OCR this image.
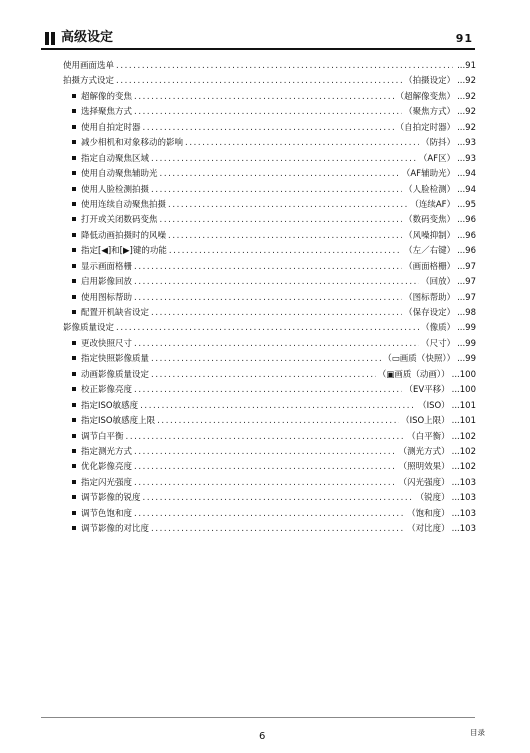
高级设定	91
使用画面选单 .....	...91
拍摄方式设定 .....	（拍摄设定） ...92
超解像的变焦 .....	（超解像变焦） ...92
选择聚焦方式 .....	（聚焦方式） ...92
使用自拍定时器 .....	（自拍定时器） ...92
减少相机和对象移动的影响 .....	（防抖） ...93
指定自动聚焦区域 .....	（AF区） ...93
使用自动聚焦辅助光 .....	（AF辅助光） ...94
使用人脸检测拍摄 .....	（人脸检测） ...94
使用连续自动聚焦拍摄 .....	（连续AF） ...95
打开或关闭数码变焦 .....	（数码变焦） ...96
降低动画拍摄时的风噪 .....	（风噪抑制） ...96
指定[◀]和[▶]键的功能 .....	（左／右键） ...96
显示画面格栅 .....	（画面格栅） ...97
启用影像回放 .....	（回放） ...97
使用图标帮助 .....	（图标帮助） ...97
配置开机缺省设定 .....	（保存设定） ...98
影像质量设定 .....	（像质） ...99
更改快照尺寸 .....	（尺寸） ...99
指定快照影像质量 .....	（▭画质（快照）） ...99
动画影像质量设定 .....	（▣画质（动画）） ...100
校正影像亮度 .....	（EV平移） ...100
指定ISO敏感度 .....	（ISO） ...101
指定ISO敏感度上限 .....	（ISO上限） ...101
调节白平衡 .....	（白平衡） ...102
指定测光方式 .....	（测光方式） ...102
优化影像亮度 .....	（照明效果） ...102
指定闪光强度 .....	（闪光强度） ...103
调节影像的锐度 .....	（锐度） ...103
调节色饱和度 .....	（饱和度） ...103
调节影像的对比度 .....	（对比度） ...103
6	目录
